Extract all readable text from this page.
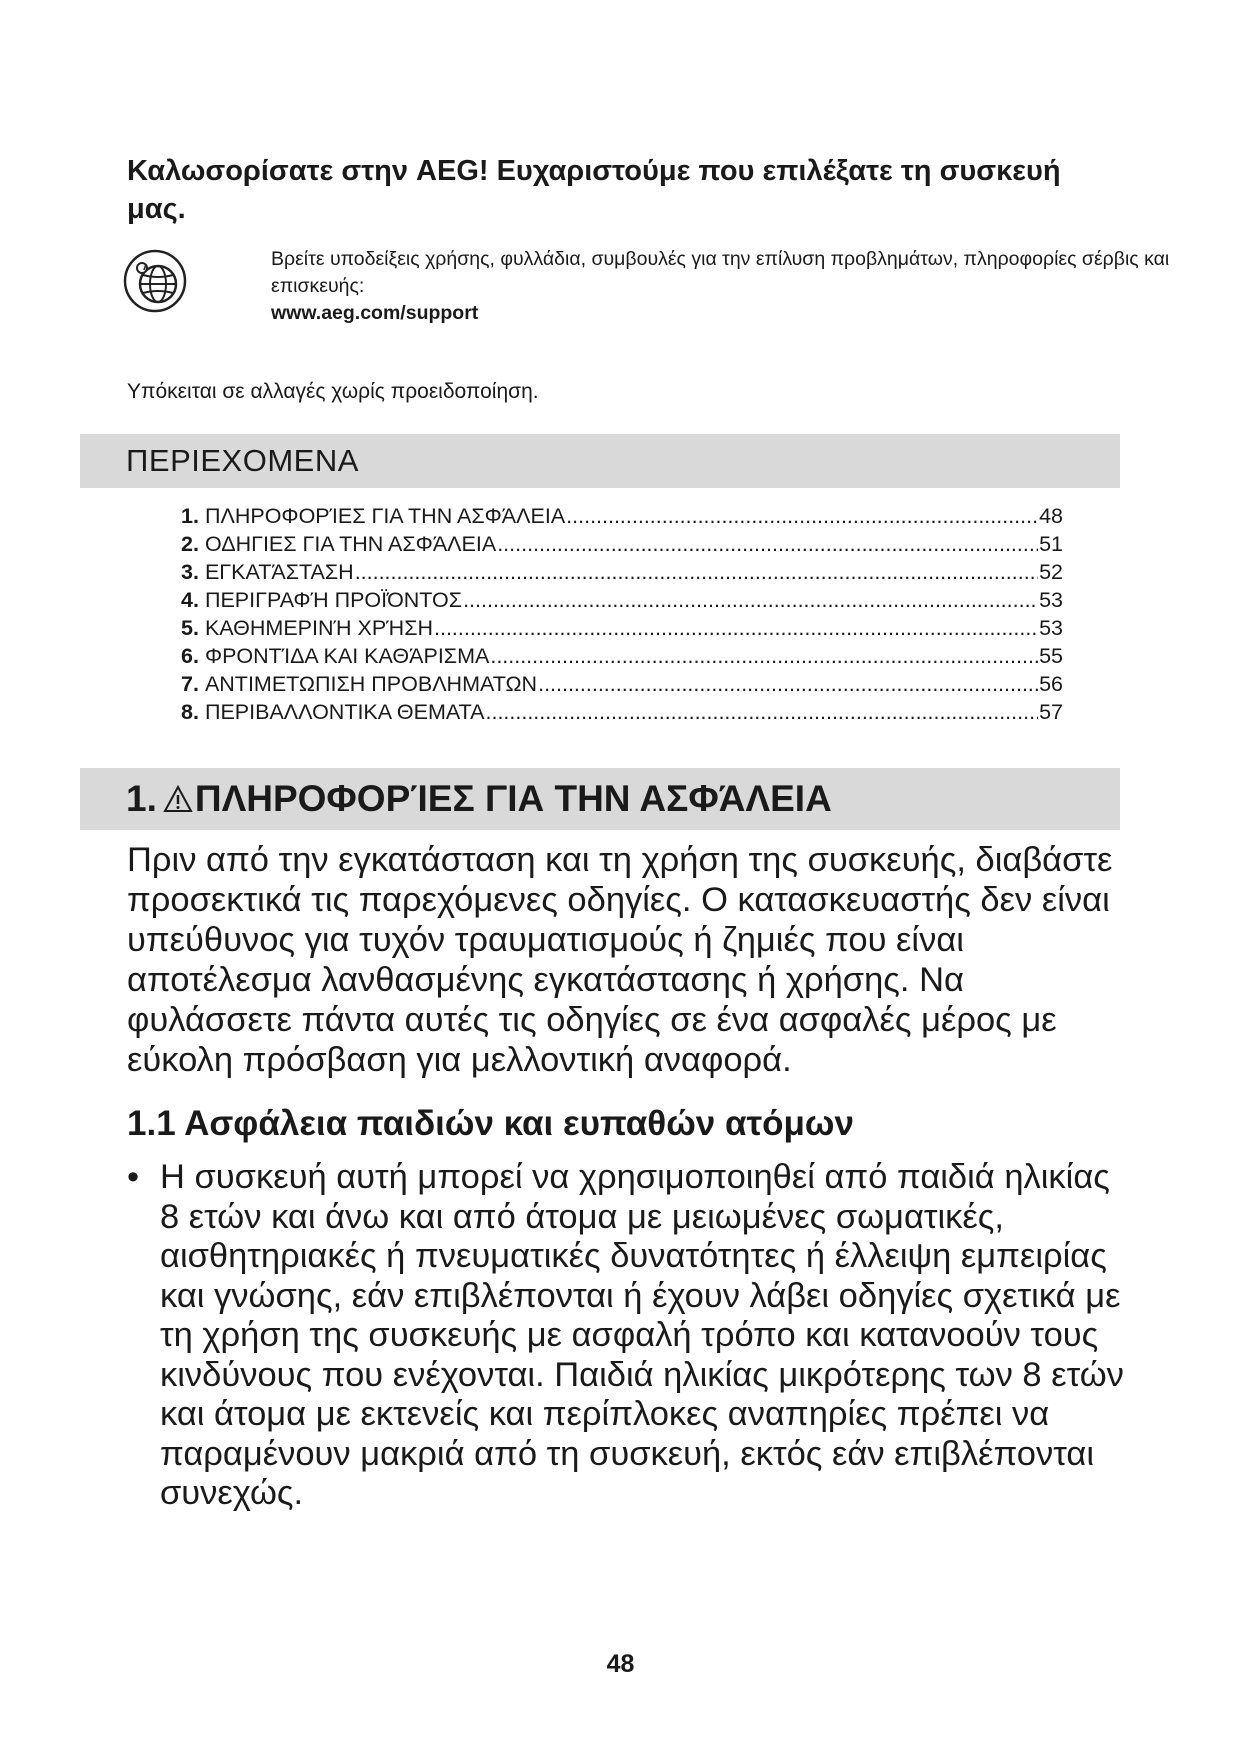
Καλωσορίσατε στην AEG! Ευχαριστούμε που επιλέξατε τη συσκευή μας.
Βρείτε υποδείξεις χρήσης, φυλλάδια, συμβουλές για την επίλυση προβλημάτων, πληροφορίες σέρβις και επισκευής:
www.aeg.com/support
Υπόκειται σε αλλαγές χωρίς προειδοποίηση.
ΠΕΡΙΕΧΟΜΕΝΑ
1. ΠΛΗΡΟΦΟΡΊΕΣ ΓΙΑ ΤΗΝ ΑΣΦΆΛΕΙΑ .....	48
2. ΟΔΗΓΙΕΣ ΓΙΑ ΤΗΝ ΑΣΦΆΛΕΙΑ .....	51
3. ΕΓΚΑΤΆΣΤΑΣΗ .....	52
4. ΠΕΡΙΓΡΑΦΉ ΠΡΟΪΌΝΤΟΣ .....	53
5. ΚΑΘΗΜΕΡΙΝΉ ΧΡΉΣΗ .....	53
6. ΦΡΟΝΤΊΔΑ ΚΑΙ ΚΑΘΆΡΙΣΜΑ .....	55
7. ΑΝΤΙΜΕΤΩΠΙΣΗ ΠΡΟΒΛΗΜΑΤΩΝ .....	56
8. ΠΕΡΙΒΑΛΛΟΝΤΙΚΑ ΘΕΜΑΤΑ .....	57
1. ΠΛΗΡΟΦΟΡΊΕΣ ΓΙΑ ΤΗΝ ΑΣΦΆΛΕΙΑ

Πριν από την εγκατάσταση και τη χρήση της συσκευής, διαβάστε προσεκτικά τις παρεχόμενες οδηγίες. Ο κατασκευαστής δεν είναι υπεύθυνος για τυχόν τραυματισμούς ή ζημιές που είναι αποτέλεσμα λανθασμένης εγκατάστασης ή χρήσης. Να φυλάσσετε πάντα αυτές τις οδηγίες σε ένα ασφαλές μέρος με εύκολη πρόσβαση για μελλοντική αναφορά.

1.1 Ασφάλεια παιδιών και ευπαθών ατόμων

• Η συσκευή αυτή μπορεί να χρησιμοποιηθεί από παιδιά ηλικίας 8 ετών και άνω και από άτομα με μειωμένες σωματικές, αισθητηριακές ή πνευματικές δυνατότητες ή έλλειψη εμπειρίας και γνώσης, εάν επιβλέπονται ή έχουν λάβει οδηγίες σχετικά με τη χρήση της συσκευής με ασφαλή τρόπο και κατανοούν τους κινδύνους που ενέχονται. Παιδιά ηλικίας μικρότερης των 8 ετών και άτομα με εκτενείς και περίπλοκες αναπηρίες πρέπει να παραμένουν μακριά από τη συσκευή, εκτός εάν επιβλέπονται συνεχώς.

48
